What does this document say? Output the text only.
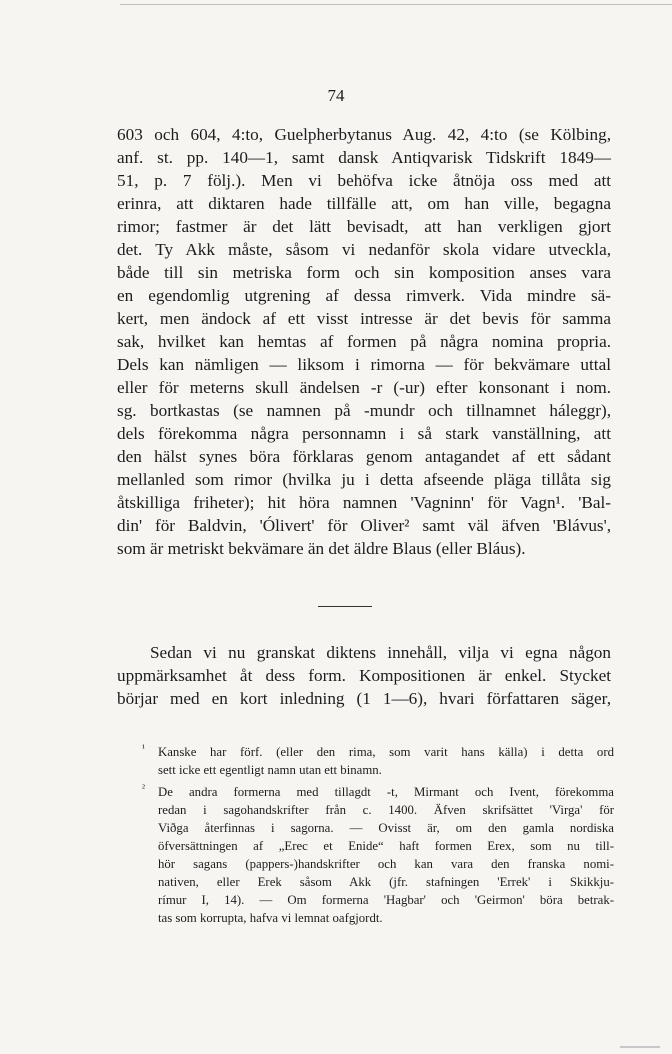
74
603 och 604, 4:to, Guelpherbytanus Aug. 42, 4:to (se Kölbing,
anf. st. pp. 140—1, samt dansk Antiqvarisk Tidskrift 1849—
51, p. 7 följ.). Men vi behöfva icke åtnöja oss med att
erinra, att diktaren hade tillfälle att, om han ville, begagna
rimor; fastmer är det lätt bevisadt, att han verkligen gjort
det. Ty Akk måste, såsom vi nedanför skola vidare utveckla,
både till sin metriska form och sin komposition anses vara
en egendomlig utgrening af dessa rimverk. Vida mindre sä-
kert, men ändock af ett visst intresse är det bevis för samma
sak, hvilket kan hemtas af formen på några nomina propria.
Dels kan nämligen — liksom i rimorna — för bekvämare uttal
eller för meterns skull ändelsen -r (-ur) efter konsonant i nom.
sg. bortkastas (se namnen på -mundr och tillnamnet háleggr),
dels förekomma några personnamn i så stark vanställning, att
den hälst synes böra förklaras genom antagandet af ett sådant
mellanled som rimor (hvilka ju i detta afseende pläga tillåta sig
åtskilliga friheter); hit höra namnen 'Vagninn' för Vagn¹. 'Bal-
din' för Baldvin, 'Ólivert' för Oliver² samt väl äfven 'Blávus',
som är metriskt bekvämare än det äldre Blaus (eller Bláus).
Sedan vi nu granskat diktens innehåll, vilja vi egna någon
uppmärksamhet åt dess form. Kompositionen är enkel. Stycket
börjar med en kort inledning (1 1—6), hvari författaren säger,
¹ Kanske har förf. (eller den rima, som varit hans källa) i detta ord
sett icke ett egentligt namn utan ett binamn.
² De andra formerna med tillagdt -t, Mirmant och Ivent, förekomma
redan i sagohandskrifter från c. 1400. Äfven skrifsättet 'Virga' för
Viðga återfinnas i sagorna. — Ovisst är, om den gamla nordiska
öfversättningen af „Erec et Enide“ haft formen Erex, som nu till-
hör sagans (pappers-)handskrifter och kan vara den franska nomi-
nativen, eller Erek såsom Akk (jfr. stafningen 'Errek' i Skikkju-
rímur I, 14). — Om formerna 'Hagbar' och 'Geirmon' böra betrak-
tas som korrupta, hafva vi lemnat oafgjordt.
